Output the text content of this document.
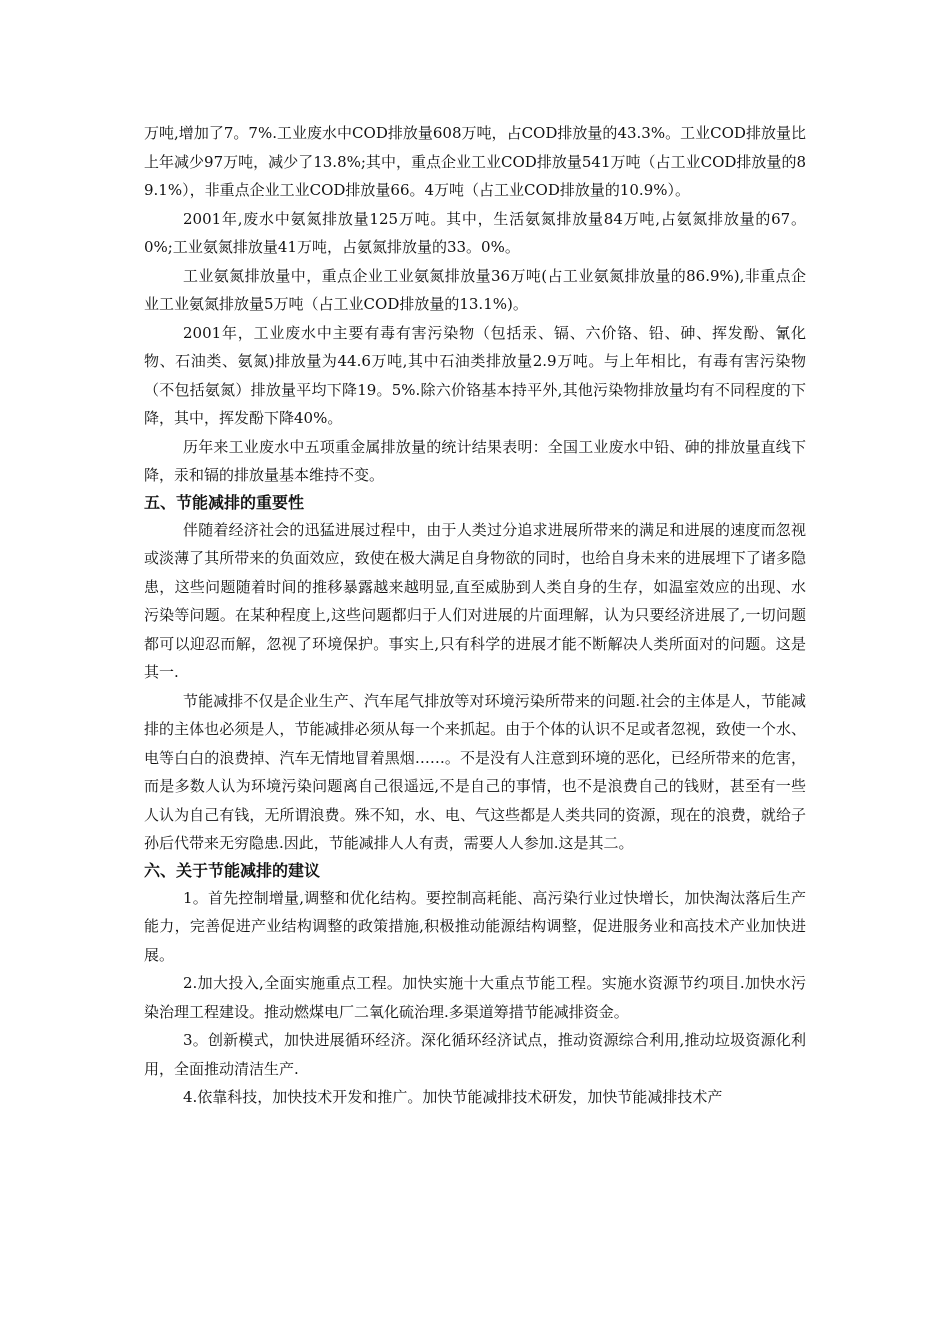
万吨,增加了7。7%.工业废水中COD排放量608万吨，占COD排放量的43.3%。工业COD排放量比上年减少97万吨，减少了13.8%;其中，重点企业工业COD排放量541万吨（占工业COD排放量的89.1%），非重点企业工业COD排放量66。4万吨（占工业COD排放量的10.9%）。

2001年,废水中氨氮排放量125万吨。其中，生活氨氮排放量84万吨,占氨氮排放量的67。0%;工业氨氮排放量41万吨，占氨氮排放量的33。0%。

工业氨氮排放量中，重点企业工业氨氮排放量36万吨(占工业氨氮排放量的86.9%),非重点企业工业氨氮排放量5万吨（占工业COD排放量的13.1%)。

2001年，工业废水中主要有毒有害污染物（包括汞、镉、六价铬、铅、砷、挥发酚、氰化物、石油类、氨氮)排放量为44.6万吨,其中石油类排放量2.9万吨。与上年相比，有毒有害污染物（不包括氨氮）排放量平均下降19。5%.除六价铬基本持平外,其他污染物排放量均有不同程度的下降，其中，挥发酚下降40%。

历年来工业废水中五项重金属排放量的统计结果表明：全国工业废水中铅、砷的排放量直线下降，汞和镉的排放量基本维持不变。

五、节能减排的重要性

伴随着经济社会的迅猛进展过程中，由于人类过分追求进展所带来的满足和进展的速度而忽视或淡薄了其所带来的负面效应，致使在极大满足自身物欲的同时，也给自身未来的进展埋下了诸多隐患，这些问题随着时间的推移暴露越来越明显,直至威胁到人类自身的生存，如温室效应的出现、水污染等问题。在某种程度上,这些问题都归于人们对进展的片面理解，认为只要经济进展了,一切问题都可以迎忍而解，忽视了环境保护。事实上,只有科学的进展才能不断解决人类所面对的问题。这是其一.

节能减排不仅是企业生产、汽车尾气排放等对环境污染所带来的问题.社会的主体是人，节能减排的主体也必须是人，节能减排必须从每一个来抓起。由于个体的认识不足或者忽视，致使一个水、电等白白的浪费掉、汽车无情地冒着黑烟……。不是没有人注意到环境的恶化，已经所带来的危害，而是多数人认为环境污染问题离自己很遥远,不是自己的事情，也不是浪费自己的钱财，甚至有一些人认为自己有钱，无所谓浪费。殊不知，水、电、气这些都是人类共同的资源，现在的浪费，就给子孙后代带来无穷隐患.因此，节能减排人人有责，需要人人参加.这是其二。

六、关于节能减排的建议

1。首先控制增量,调整和优化结构。要控制高耗能、高污染行业过快增长，加快淘汰落后生产能力，完善促进产业结构调整的政策措施,积极推动能源结构调整，促进服务业和高技术产业加快进展。

2.加大投入,全面实施重点工程。加快实施十大重点节能工程。实施水资源节约项目.加快水污染治理工程建设。推动燃煤电厂二氧化硫治理.多渠道筹措节能减排资金。

3。创新模式，加快进展循环经济。深化循环经济试点，推动资源综合利用,推动垃圾资源化利用，全面推动清洁生产.

4.依靠科技，加快技术开发和推广。加快节能减排技术研发，加快节能减排技术产
